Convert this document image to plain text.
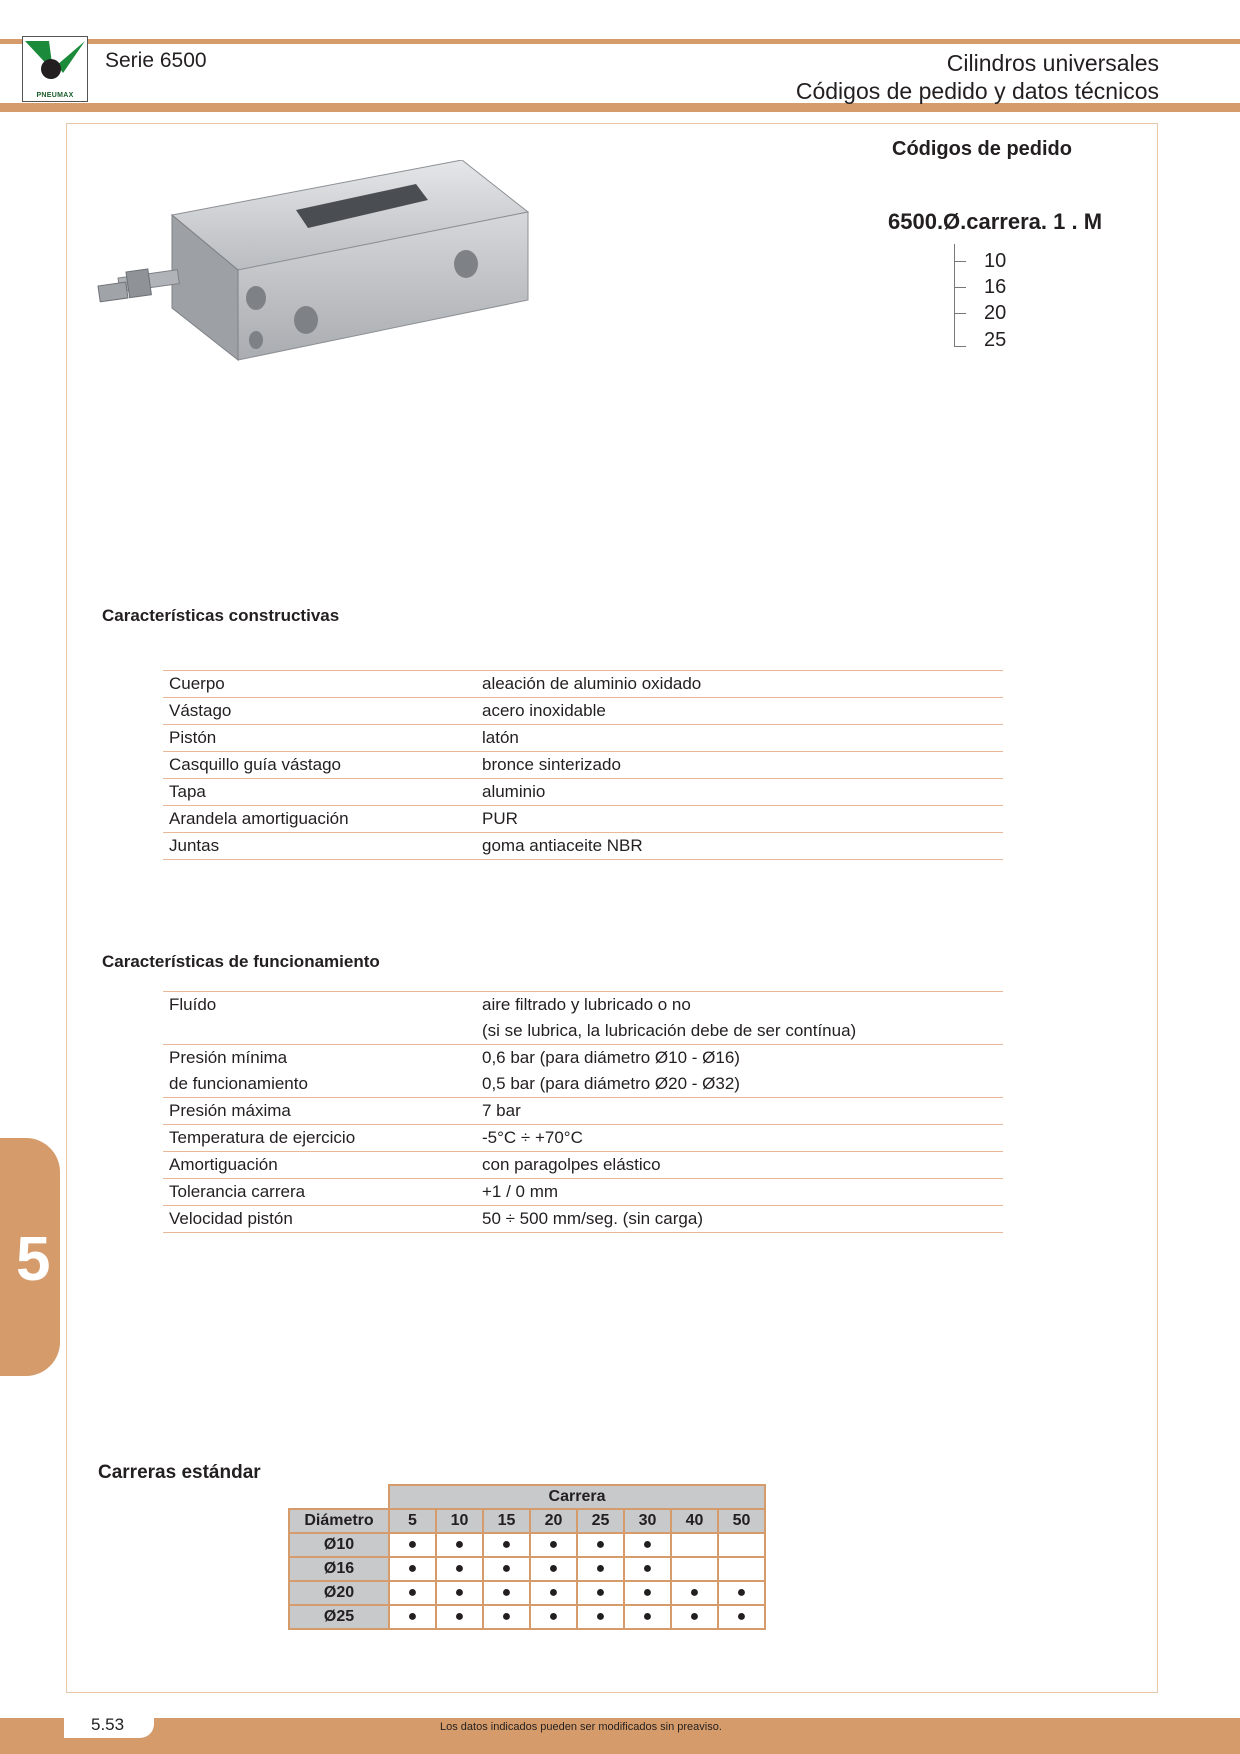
PNEUMAX
Serie 6500	Cilindros universales
Códigos de pedido y datos técnicos
Códigos de pedido
6500.Ø.carrera. 1 . M
10
16
20
25
Características constructivas
Cuerpo	aleación de aluminio oxidado
Vástago	acero inoxidable
Pistón	latón
Casquillo guía vástago	bronce sinterizado
Tapa	aluminio
Arandela amortiguación	PUR
Juntas	goma antiaceite NBR
Características de funcionamiento
Fluído	aire filtrado y lubricado o no
	(si se lubrica, la lubricación debe de ser contínua)
Presión mínima	0,6 bar (para diámetro Ø10 - Ø16)
de funcionamiento	0,5 bar (para diámetro Ø20 - Ø32)
Presión máxima	7 bar
Temperatura de ejercicio	-5°C ÷ +70°C
Amortiguación	con paragolpes elástico
Tolerancia carrera	+1 / 0 mm
Velocidad pistón	50 ÷ 500 mm/seg. (sin carga)
5
Carreras estándar
	Carrera							
Diámetro	5	10	15	20	25	30	40	50
Ø10	●	●	●	●	●	●		
Ø16	●	●	●	●	●	●		
Ø20	●	●	●	●	●	●	●	●
Ø25	●	●	●	●	●	●	●	●
5.53	Los datos indicados pueden ser modificados sin preaviso.
